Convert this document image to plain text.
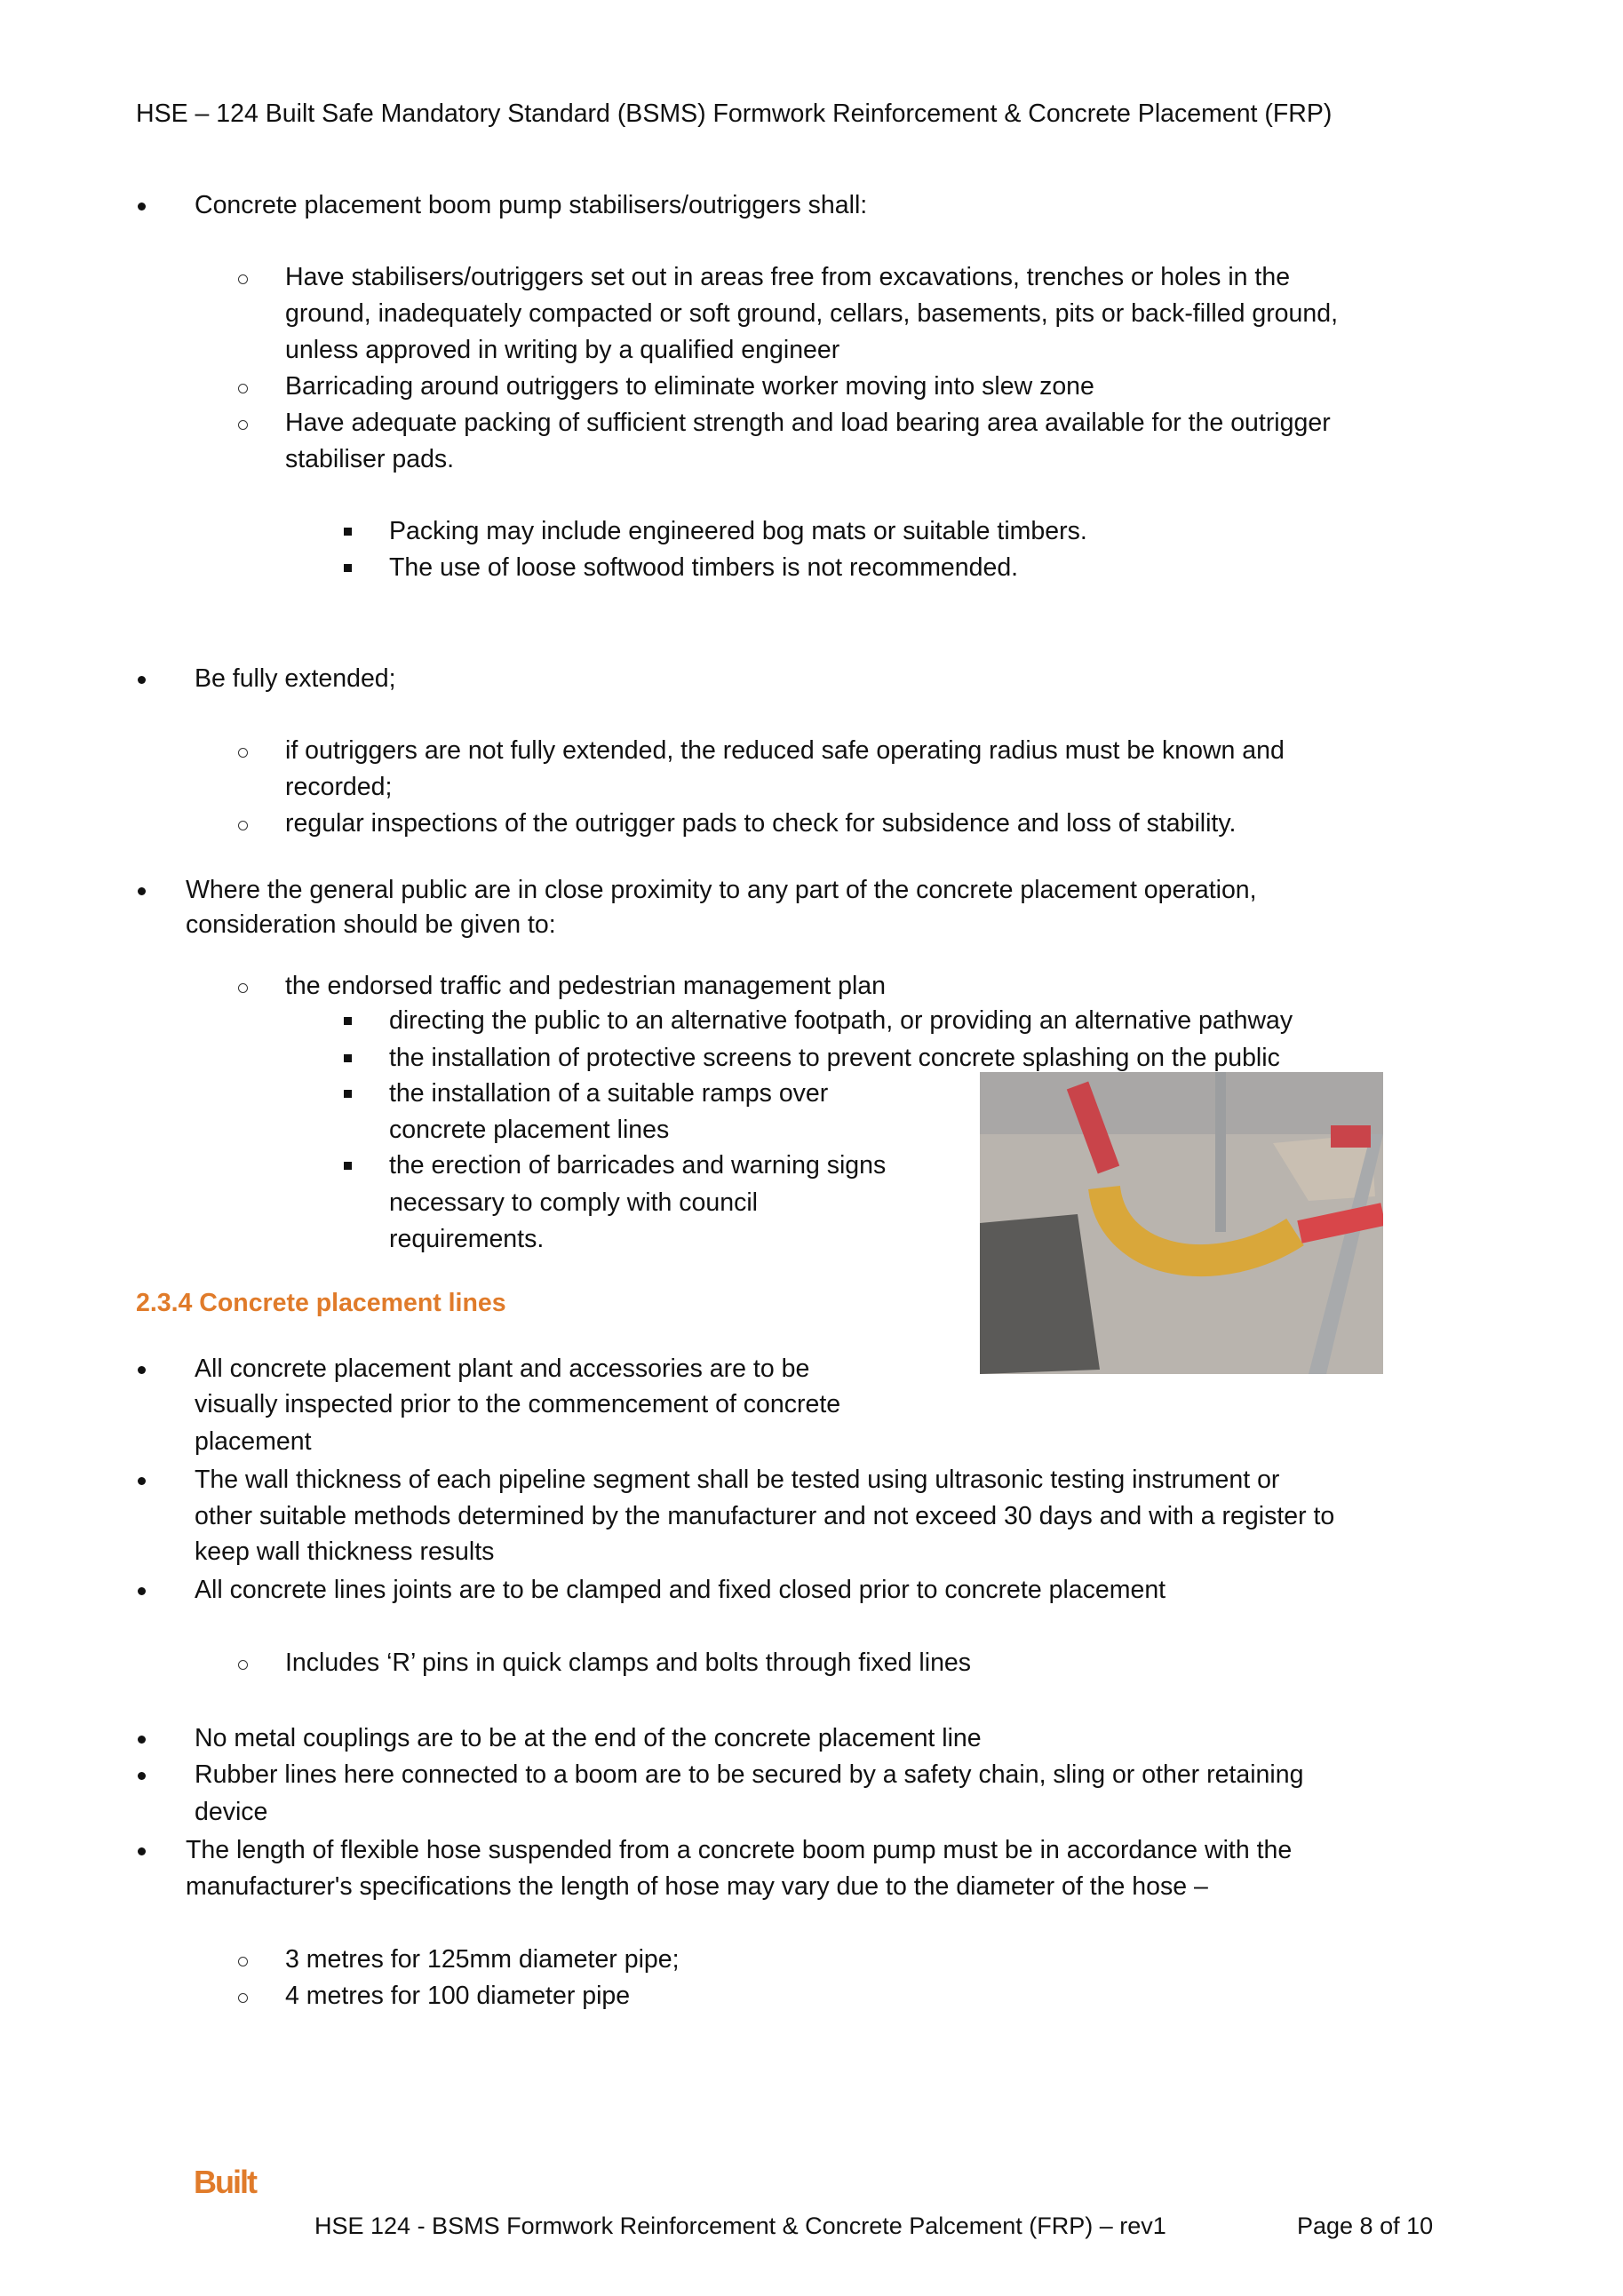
HSE – 124 Built Safe Mandatory Standard (BSMS) Formwork Reinforcement & Concrete Placement (FRP)
Concrete placement boom pump stabilisers/outriggers shall:
Have stabilisers/outriggers set out in areas free from excavations, trenches or holes in the
ground, inadequately compacted or soft ground, cellars, basements, pits or back-filled ground,
unless approved in writing by a qualified engineer
Barricading around outriggers to eliminate worker moving into slew zone
Have adequate packing of sufficient strength and load bearing area available for the outrigger
stabiliser pads.
Packing may include engineered bog mats or suitable timbers.
The use of loose softwood timbers is not recommended.
Be fully extended;
if outriggers are not fully extended, the reduced safe operating radius must be known and
recorded;
regular inspections of the outrigger pads to check for subsidence and loss of stability.
Where the general public are in close proximity to any part of the concrete placement operation,
consideration should be given to:
the endorsed traffic and pedestrian management plan
directing the public to an alternative footpath, or providing an alternative pathway
the installation of protective screens to prevent concrete splashing on the public
the installation of a suitable ramps over
concrete placement lines
the erection of barricades and warning signs
necessary to comply with council
requirements.
2.3.4 Concrete placement lines
All concrete placement plant and accessories are to be
visually inspected prior to the commencement of concrete
placement
The wall thickness of each pipeline segment shall be tested using ultrasonic testing instrument or
other suitable methods determined by the manufacturer and not exceed 30 days and with a register to
keep wall thickness results
All concrete lines joints are to be clamped and fixed closed prior to concrete placement
Includes ‘R’ pins in quick clamps and bolts through fixed lines
No metal couplings are to be at the end of the concrete placement line
Rubber lines here connected to a boom are to be secured by a safety chain, sling or other retaining
device
The length of flexible hose suspended from a concrete boom pump must be in accordance with the
manufacturer's specifications the length of hose may vary due to the diameter of the hose –
3 metres for 125mm diameter pipe;
4 metres for 100 diameter pipe
Built
HSE 124 - BSMS Formwork Reinforcement & Concrete Palcement (FRP) – rev1	Page 8 of 10
